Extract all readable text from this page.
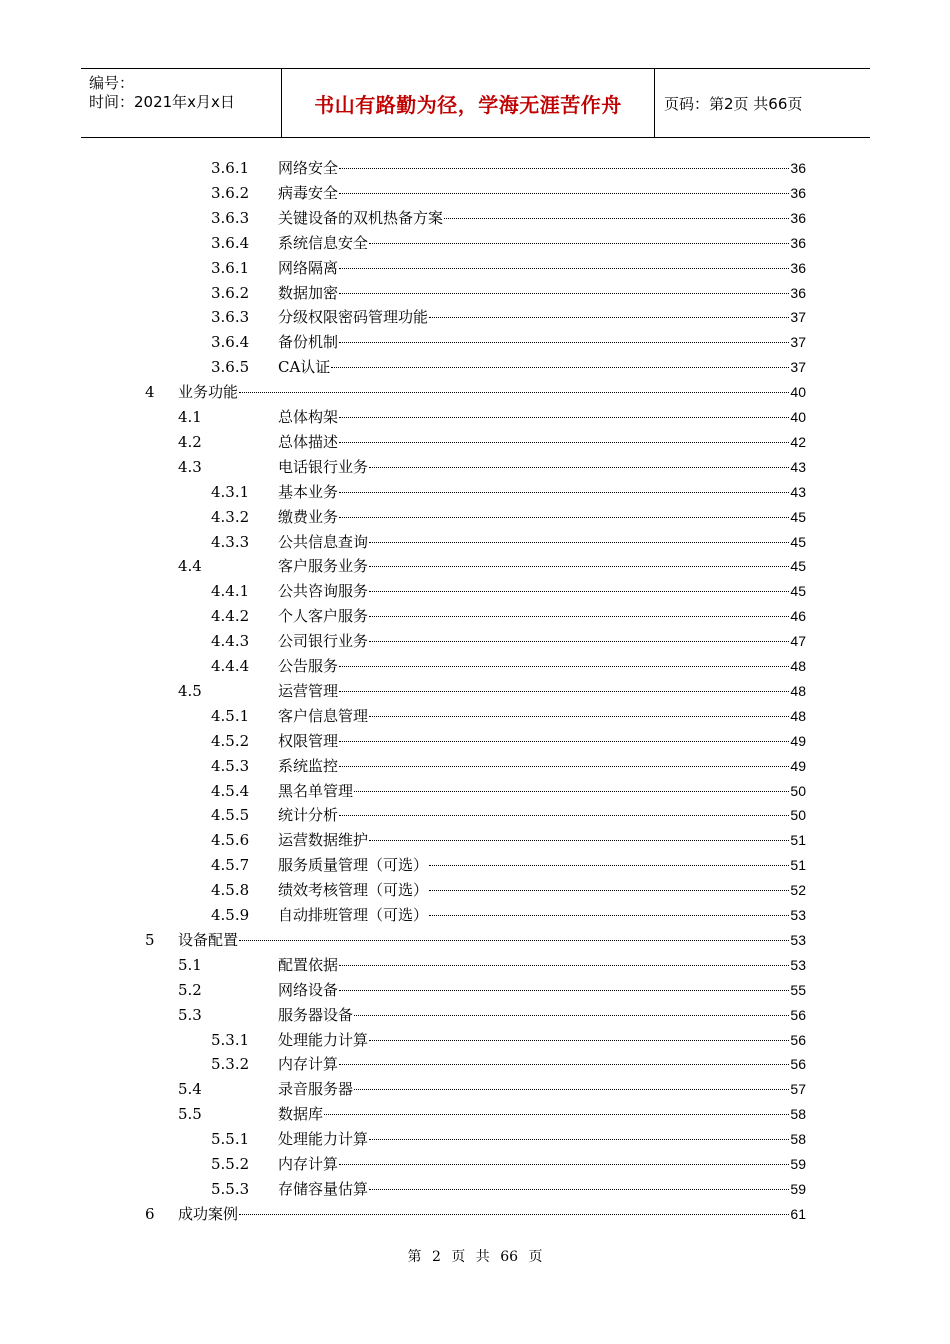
编号：
时间：2021年x月x日	书山有路勤为径，学海无涯苦作舟	页码：第2页 共66页
3.6.1 网络安全	36
3.6.2 病毒安全	36
3.6.3 关键设备的双机热备方案	36
3.6.4 系统信息安全	36
3.6.1 网络隔离	36
3.6.2 数据加密	36
3.6.3 分级权限密码管理功能	37
3.6.4 备份机制	37
3.6.5 CA认证	37
4 业务功能	40
4.1	总体构架	40
4.2	总体描述	42
4.3	电话银行业务	43
4.3.1 基本业务	43
4.3.2 缴费业务	45
4.3.3 公共信息查询	45
4.4	客户服务业务	45
4.4.1 公共咨询服务	45
4.4.2 个人客户服务	46
4.4.3 公司银行业务	47
4.4.4 公告服务	48
4.5	运营管理	48
4.5.1 客户信息管理	48
4.5.2 权限管理	49
4.5.3 系统监控	49
4.5.4 黑名单管理	50
4.5.5 统计分析	50
4.5.6 运营数据维护	51
4.5.7 服务质量管理（可选）	51
4.5.8 绩效考核管理（可选）	52
4.5.9 自动排班管理（可选）	53
5 设备配置	53
5.1	配置依据	53
5.2	网络设备	55
5.3	服务器设备	56
5.3.1 处理能力计算	56
5.3.2 内存计算	56
5.4	录音服务器	57
5.5	数据库	58
5.5.1 处理能力计算	58
5.5.2 内存计算	59
5.5.3 存储容量估算	59
6 成功案例	61
第 2 页 共 66 页
